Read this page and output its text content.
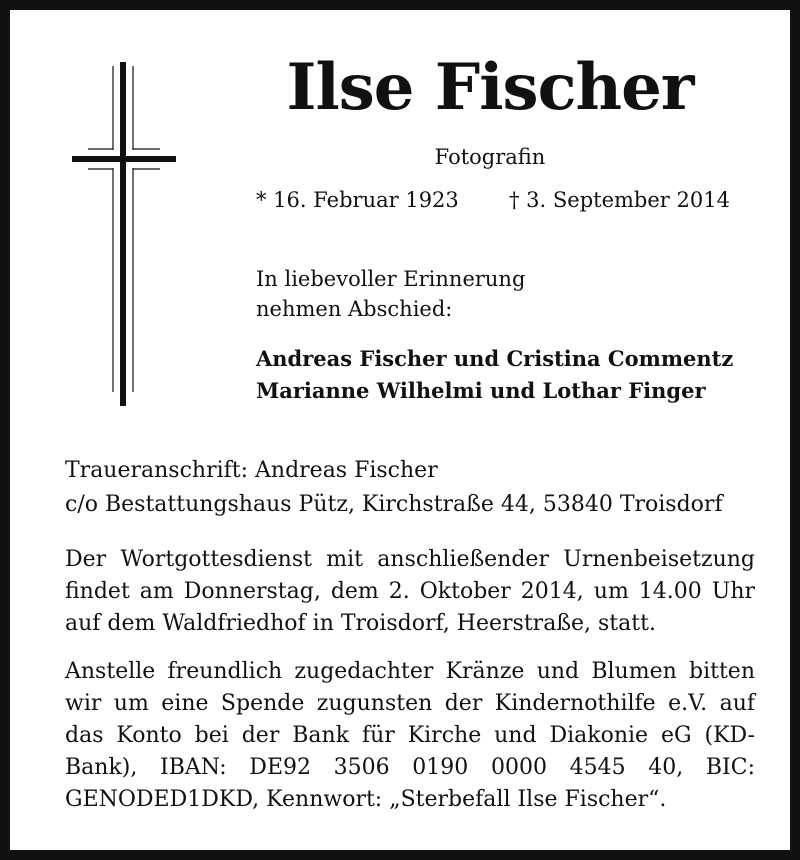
Ilse Fischer
Fotografin
* 16. Februar 1923 † 3. September 2014
In liebevoller Erinnerung
nehmen Abschied:
Andreas Fischer und Cristina Commentz
Marianne Wilhelmi und Lothar Finger
Traueranschrift: Andreas Fischer
c/o Bestattungshaus Pütz, Kirchstraße 44, 53840 Troisdorf
Der Wortgottesdienst mit anschließender Urnenbeisetzung
findet am Donnerstag, dem 2. Oktober 2014, um 14.00 Uhr
auf dem Waldfriedhof in Troisdorf, Heerstraße, statt.
Anstelle freundlich zugedachter Kränze und Blumen bitten
wir um eine Spende zugunsten der Kindernothilfe e.V. auf
das Konto bei der Bank für Kirche und Diakonie eG (KD-
Bank), IBAN: DE92 3506 0190 0000 4545 40, BIC:
GENODED1DKD, Kennwort: „Sterbefall Ilse Fischer“.
